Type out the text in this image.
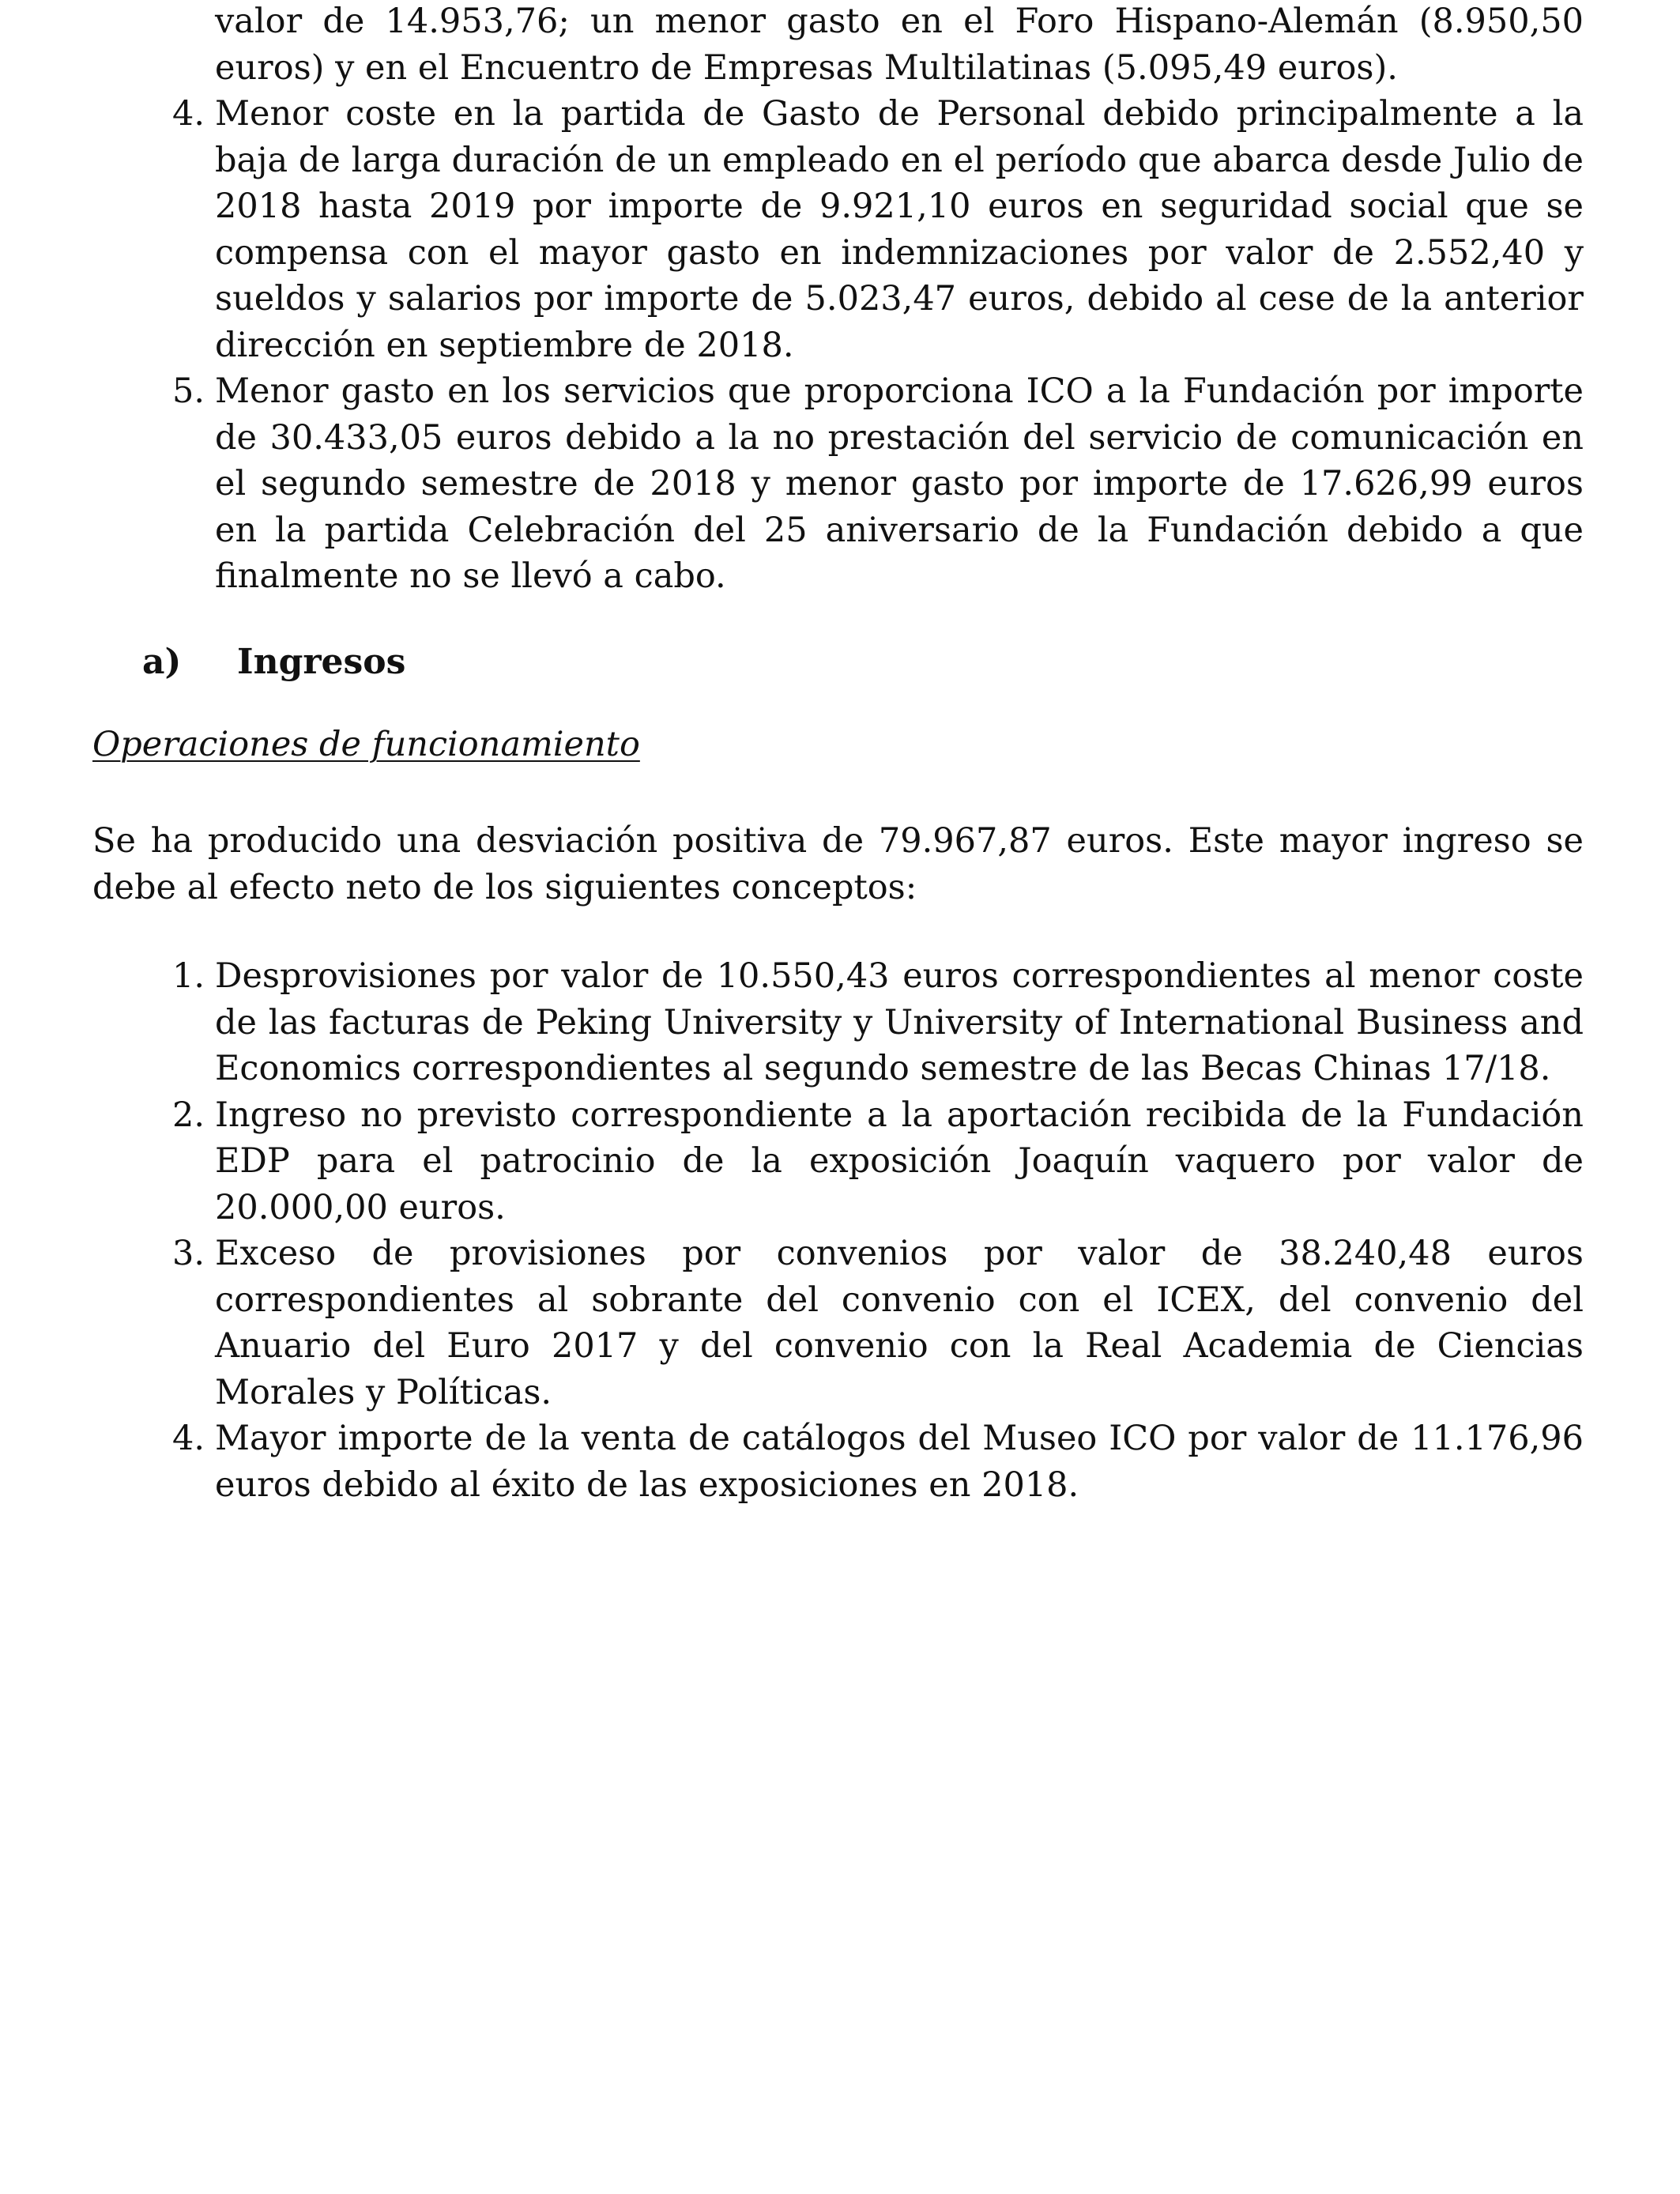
valor de 14.953,76; un menor gasto en el Foro Hispano-Alemán (8.950,50 euros) y en el Encuentro de Empresas Multilatinas (5.095,49 euros).
4. Menor coste en la partida de Gasto de Personal debido principalmente a la baja de larga duración de un empleado en el período que abarca desde Julio de 2018 hasta 2019 por importe de 9.921,10 euros en seguridad social que se compensa con el mayor gasto en indemnizaciones por valor de 2.552,40 y sueldos y salarios por importe de 5.023,47 euros, debido al cese de la anterior dirección en septiembre de 2018.
5. Menor gasto en los servicios que proporciona ICO a la Fundación por importe de 30.433,05 euros debido a la no prestación del servicio de comunicación en el segundo semestre de 2018 y menor gasto por importe de 17.626,99 euros en la partida Celebración del 25 aniversario de la Fundación debido a que finalmente no se llevó a cabo.
a) Ingresos
Operaciones de funcionamiento
Se ha producido una desviación positiva de 79.967,87 euros. Este mayor ingreso se debe al efecto neto de los siguientes conceptos:
1. Desprovisiones por valor de 10.550,43 euros correspondientes al menor coste de las facturas de Peking University y University of International Business and Economics correspondientes al segundo semestre de las Becas Chinas 17/18.
2. Ingreso no previsto correspondiente a la aportación recibida de la Fundación EDP para el patrocinio de la exposición Joaquín vaquero por valor de 20.000,00 euros.
3. Exceso de provisiones por convenios por valor de 38.240,48 euros correspondientes al sobrante del convenio con el ICEX, del convenio del Anuario del Euro 2017 y del convenio con la Real Academia de Ciencias Morales y Políticas.
4. Mayor importe de la venta de catálogos del Museo ICO por valor de 11.176,96 euros debido al éxito de las exposiciones en 2018.
